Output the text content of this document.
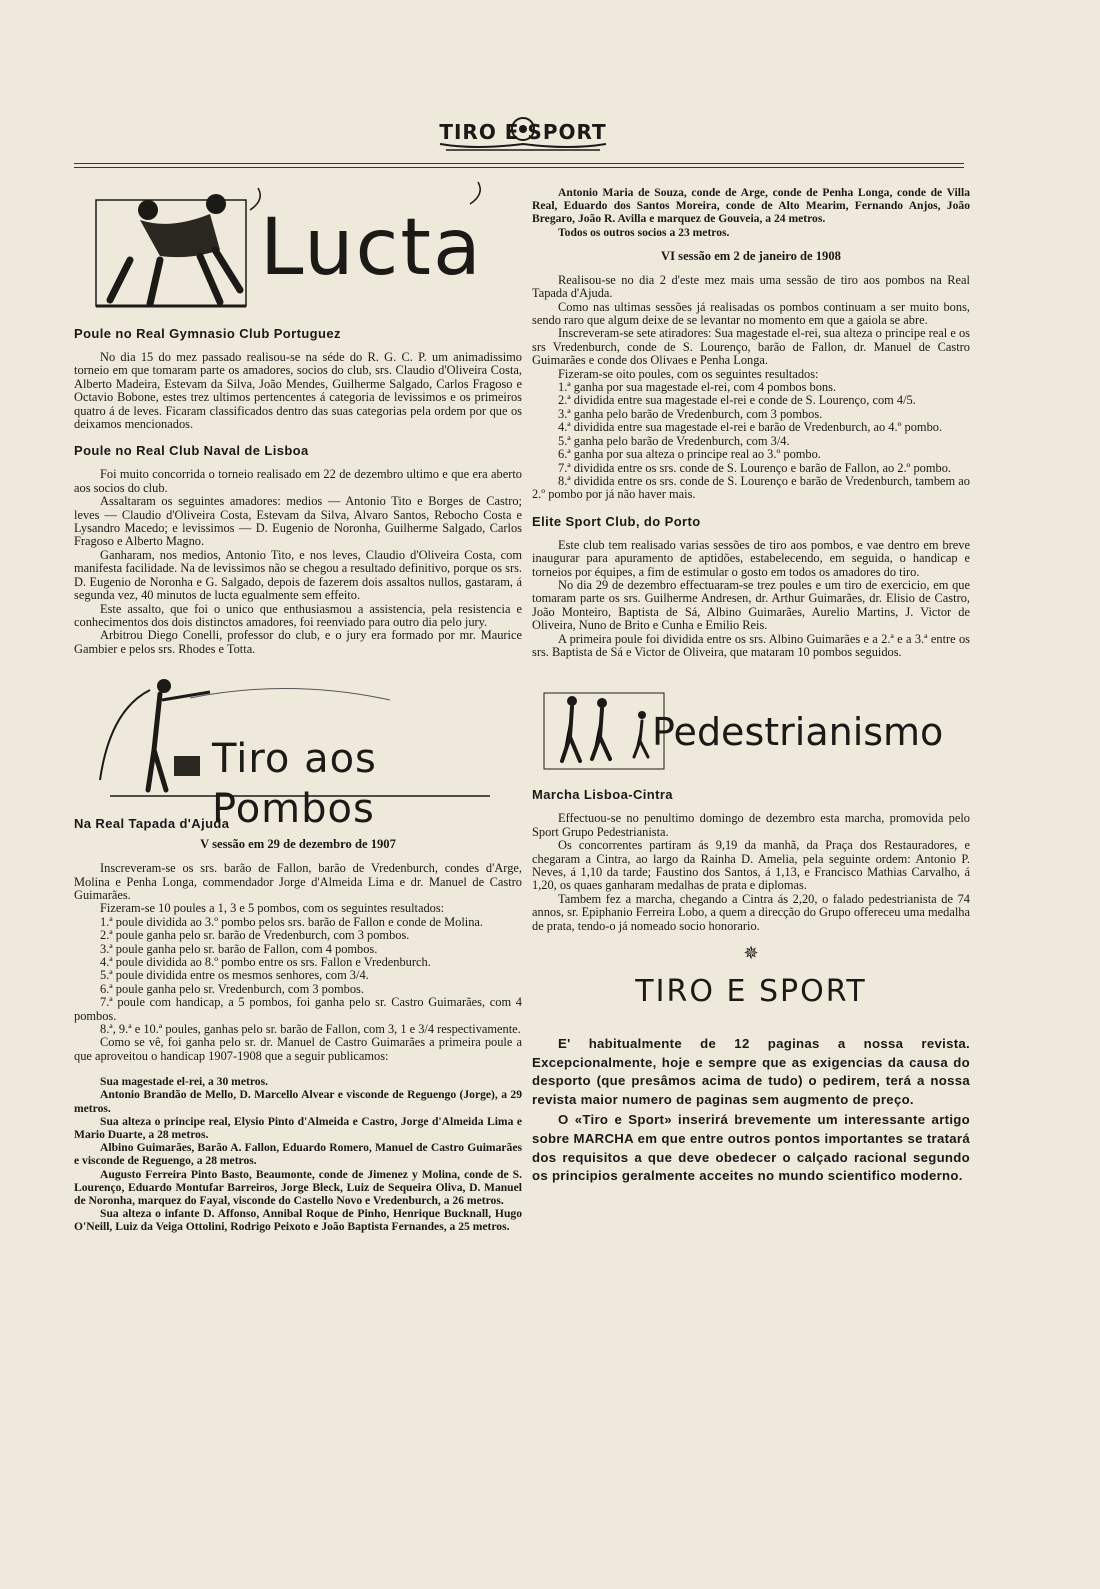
TIRO E SPORT
Lucta
Poule no Real Gymnasio Club Portuguez

No dia 15 do mez passado realisou-se na séde do R. G. C. P. um animadissimo torneio em que tomaram parte os amadores, socios do club, srs. Claudio d'Oliveira Costa, Alberto Madeira, Estevam da Silva, João Mendes, Guilherme Salgado, Carlos Fragoso e Octavio Bobone, estes trez ultimos pertencentes á categoria de levissimos e os primeiros quatro á de leves. Ficaram classificados dentro das suas categorias pela ordem por que os deixamos mencionados.

Poule no Real Club Naval de Lisboa

Foi muito concorrida o torneio realisado em 22 de dezembro ultimo e que era aberto aos socios do club.

Assaltaram os seguintes amadores: medios — Antonio Tito e Borges de Castro; leves — Claudio d'Oliveira Costa, Estevam da Silva, Alvaro Santos, Rebocho Costa e Lysandro Macedo; e levissimos — D. Eugenio de Noronha, Guilherme Salgado, Carlos Fragoso e Alberto Magno.

Ganharam, nos medios, Antonio Tito, e nos leves, Claudio d'Oliveira Costa, com manifesta facilidade. Na de levissimos não se chegou a resultado definitivo, porque os srs. D. Eugenio de Noronha e G. Salgado, depois de fazerem dois assaltos nullos, gastaram, á segunda vez, 40 minutos de lucta egualmente sem effeito.

Este assalto, que foi o unico que enthusiasmou a assistencia, pela resistencia e conhecimentos dos dois distinctos amadores, foi reenviado para outro dia pelo jury.

Arbitrou Diego Conelli, professor do club, e o jury era formado por mr. Maurice Gambier e pelos srs. Rhodes e Totta.

Tiro aos Pombos
Na Real Tapada d'Ajuda
V sessão em 29 de dezembro de 1907

Inscreveram-se os srs. barão de Fallon, barão de Vredenburch, condes d'Arge, Molina e Penha Longa, commendador Jorge d'Almeida Lima e dr. Manuel de Castro Guimarães.

Fizeram-se 10 poules a 1, 3 e 5 pombos, com os seguintes resultados:

1.ª poule dividida ao 3.º pombo pelos srs. barão de Fallon e conde de Molina.

2.ª poule ganha pelo sr. barão de Vredenburch, com 3 pombos.

3.ª poule ganha pelo sr. barão de Fallon, com 4 pombos.

4.ª poule dividida ao 8.º pombo entre os srs. Fallon e Vredenburch.

5.ª poule dividida entre os mesmos senhores, com 3/4.

6.ª poule ganha pelo sr. Vredenburch, com 3 pombos.

7.ª poule com handicap, a 5 pombos, foi ganha pelo sr. Castro Guimarães, com 4 pombos.

8.ª, 9.ª e 10.ª poules, ganhas pelo sr. barão de Fallon, com 3, 1 e 3/4 respectivamente.

Como se vê, foi ganha pelo sr. dr. Manuel de Castro Guimarães a primeira poule a que aproveitou o handicap 1907-1908 que a seguir publicamos:

Sua magestade el-rei, a 30 metros.

Antonio Brandão de Mello, D. Marcello Alvear e visconde de Reguengo (Jorge), a 29 metros.

Sua alteza o principe real, Elysio Pinto d'Almeida e Castro, Jorge d'Almeida Lima e Mario Duarte, a 28 metros.

Albino Guimarães, Barão A. Fallon, Eduardo Romero, Manuel de Castro Guimarães e visconde de Reguengo, a 28 metros.

Augusto Ferreira Pinto Basto, Beaumonte, conde de Jimenez y Molina, conde de S. Lourenço, Eduardo Montufar Barreiros, Jorge Bleck, Luiz de Sequeira Oliva, D. Manuel de Noronha, marquez do Fayal, visconde do Castello Novo e Vredenburch, a 26 metros.

Sua alteza o infante D. Affonso, Annibal Roque de Pinho, Henrique Bucknall, Hugo O'Neill, Luiz da Veiga Ottolini, Rodrigo Peixoto e João Baptista Fernandes, a 25 metros.

Antonio Maria de Souza, conde de Arge, conde de Penha Longa, conde de Villa Real, Eduardo dos Santos Moreira, conde de Alto Mearim, Fernando Anjos, João Bregaro, João R. Avilla e marquez de Gouveia, a 24 metros.

Todos os outros socios a 23 metros.

VI sessão em 2 de janeiro de 1908

Realisou-se no dia 2 d'este mez mais uma sessão de tiro aos pombos na Real Tapada d'Ajuda.

Como nas ultimas sessões já realisadas os pombos continuam a ser muito bons, sendo raro que algum deixe de se levantar no momento em que a gaiola se abre.

Inscreveram-se sete atiradores: Sua magestade el-rei, sua alteza o principe real e os srs Vredenburch, conde de S. Lourenço, barão de Fallon, dr. Manuel de Castro Guimarães e conde dos Olivaes e Penha Longa.

Fizeram-se oito poules, com os seguintes resultados:

1.ª ganha por sua magestade el-rei, com 4 pombos bons.

2.ª dividida entre sua magestade el-rei e conde de S. Lourenço, com 4/5.

3.ª ganha pelo barão de Vredenburch, com 3 pombos.

4.ª dividida entre sua magestade el-rei e barão de Vredenburch, ao 4.º pombo.

5.ª ganha pelo barão de Vredenburch, com 3/4.

6.ª ganha por sua alteza o principe real ao 3.º pombo.

7.ª dividida entre os srs. conde de S. Lourenço e barão de Fallon, ao 2.º pombo.

8.ª dividida entre os srs. conde de S. Lourenço e barão de Vredenburch, tambem ao 2.º pombo por já não haver mais.

Elite Sport Club, do Porto

Este club tem realisado varias sessões de tiro aos pombos, e vae dentro em breve inaugurar para apuramento de aptidões, estabelecendo, em seguida, o handicap e torneios por équipes, a fim de estimular o gosto em todos os amadores do tiro.

No dia 29 de dezembro effectuaram-se trez poules e um tiro de exercicio, em que tomaram parte os srs. Guilherme Andresen, dr. Arthur Guimarães, dr. Elisio de Castro, João Monteiro, Baptista de Sá, Albino Guimarães, Aurelio Martins, J. Victor de Oliveira, Nuno de Brito e Cunha e Emilio Reis.

A primeira poule foi dividida entre os srs. Albino Guimarães e a 2.ª e a 3.ª entre os srs. Baptista de Sá e Victor de Oliveira, que mataram 10 pombos seguidos.

Pedestrianismo
Marcha Lisboa-Cintra

Effectuou-se no penultimo domingo de dezembro esta marcha, promovida pelo Sport Grupo Pedestrianista.

Os concorrentes partiram ás 9,19 da manhã, da Praça dos Restauradores, e chegaram a Cintra, ao largo da Rainha D. Amelia, pela seguinte ordem: Antonio P. Neves, á 1,10 da tarde; Faustino dos Santos, á 1,13, e Francisco Mathias Carvalho, á 1,20, os quaes ganharam medalhas de prata e diplomas.

Tambem fez a marcha, chegando a Cintra ás 2,20, o falado pedestrianista de 74 annos, sr. Epiphanio Ferreira Lobo, a quem a direcção do Grupo offereceu uma medalha de prata, tendo-o já nomeado socio honorario.

✵
TIRO E SPORT

E' habitualmente de 12 paginas a nossa revista. Excepcionalmente, hoje e sempre que as exigencias da causa do desporto (que presâmos acima de tudo) o pedirem, terá a nossa revista maior numero de paginas sem augmento de preço.

O «Tiro e Sport» inserirá brevemente um interessante artigo sobre MARCHA em que entre outros pontos importantes se tratará dos requisitos a que deve obedecer o calçado racional segundo os principios geralmente acceites no mundo scientifico moderno.
